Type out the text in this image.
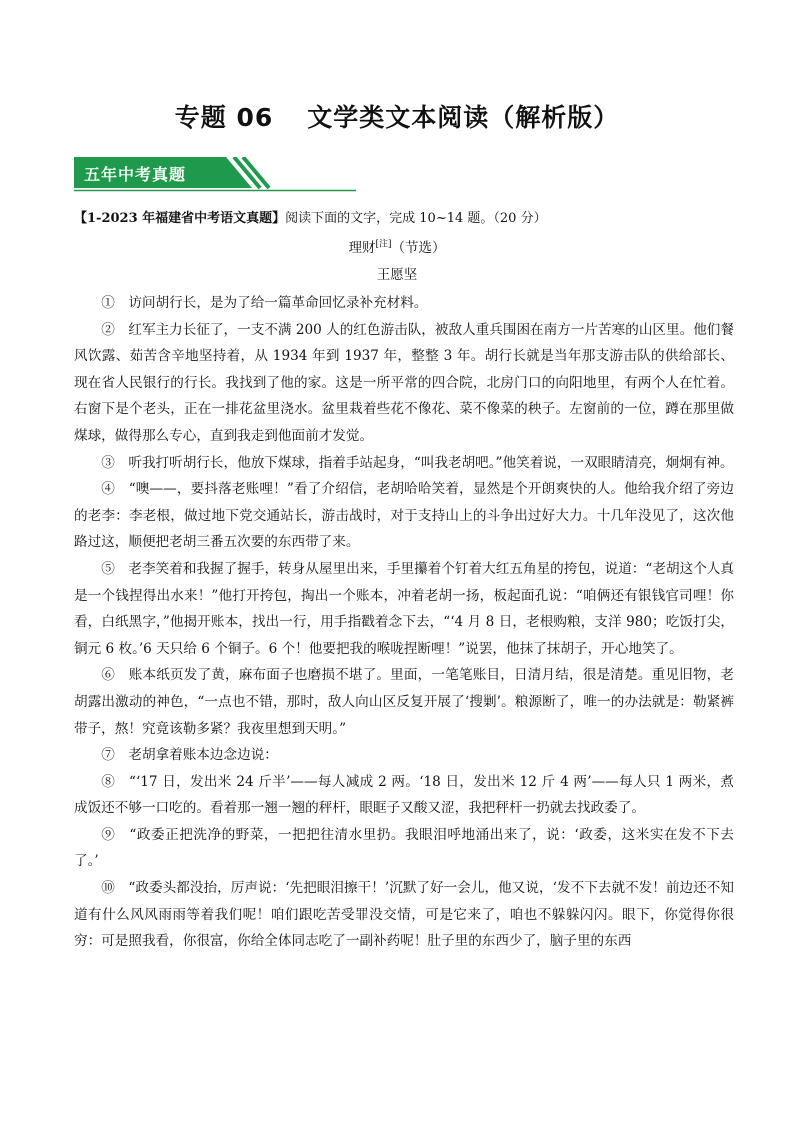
专题 06 文学类文本阅读（解析版）
五年中考真题
【1-2023 年福建省中考语文真题】阅读下面的文字，完成 10~14 题。（20 分）
理财[注]（节选）
王愿坚

①　访问胡行长，是为了给一篇革命回忆录补充材料。

②　红军主力长征了，一支不满 200 人的红色游击队，被敌人重兵围困在南方一片苦寒的山区里。他们餐风饮露、茹苦含辛地坚持着，从 1934 年到 1937 年，整整 3 年。胡行长就是当年那支游击队的供给部长、现在省人民银行的行长。我找到了他的家。这是一所平常的四合院，北房门口的向阳地里，有两个人在忙着。右窗下是个老头，正在一排花盆里浇水。盆里栽着些花不像花、菜不像菜的秧子。左窗前的一位，蹲在那里做煤球，做得那么专心，直到我走到他面前才发觉。

③　听我打听胡行长，他放下煤球，指着手站起身，“叫我老胡吧。”他笑着说，一双眼睛清亮，炯炯有神。

④　“噢——，要抖落老账哩！”看了介绍信，老胡哈哈笑着，显然是个开朗爽快的人。他给我介绍了旁边的老李：李老根，做过地下党交通站长，游击战时，对于支持山上的斗争出过好大力。十几年没见了，这次他路过这，顺便把老胡三番五次要的东西带了来。

⑤　老李笑着和我握了握手，转身从屋里出来，手里攥着个钉着大红五角星的挎包，说道：“老胡这个人真是一个钱捏得出水来！”他打开挎包，掏出一个账本，冲着老胡一扬，板起面孔说：“咱俩还有银钱官司哩！你看，白纸黑字，”他揭开账本，找出一行，用手指戳着念下去，“‘4 月 8 日，老根购粮，支洋 980；吃饭打尖，铜元 6 枚。’6 天只给 6 个铜子。6 个！他要把我的喉咙捏断哩！”说罢，他抹了抹胡子，开心地笑了。

⑥　账本纸页发了黄，麻布面子也磨损不堪了。里面，一笔笔账目，日清月结，很是清楚。重见旧物，老胡露出激动的神色，“一点也不错，那时，敌人向山区反复开展了‘搜剿’。粮源断了，唯一的办法就是：勒紧裤带子，熬！究竟该勒多紧？我夜里想到天明。”

⑦　老胡拿着账本边念边说：

⑧　“‘17 日，发出米 24 斤半’——每人减成 2 两。‘18 日，发出米 12 斤 4 两’——每人只 1 两米，煮成饭还不够一口吃的。看着那一翘一翘的秤杆，眼眶子又酸又涩，我把秤杆一扔就去找政委了。

⑨　“政委正把洗净的野菜，一把把往清水里扔。我眼泪呼地涌出来了，说：‘政委，这米实在发不下去了。’

⑩　“政委头都没抬，厉声说：‘先把眼泪擦干！’沉默了好一会儿，他又说，‘发不下去就不发！前边还不知道有什么风风雨雨等着我们呢！咱们跟吃苦受罪没交情，可是它来了，咱也不躲躲闪闪。眼下，你觉得你很穷：可是照我看，你很富，你给全体同志吃了一副补药呢！肚子里的东西少了，脑子里的东西
